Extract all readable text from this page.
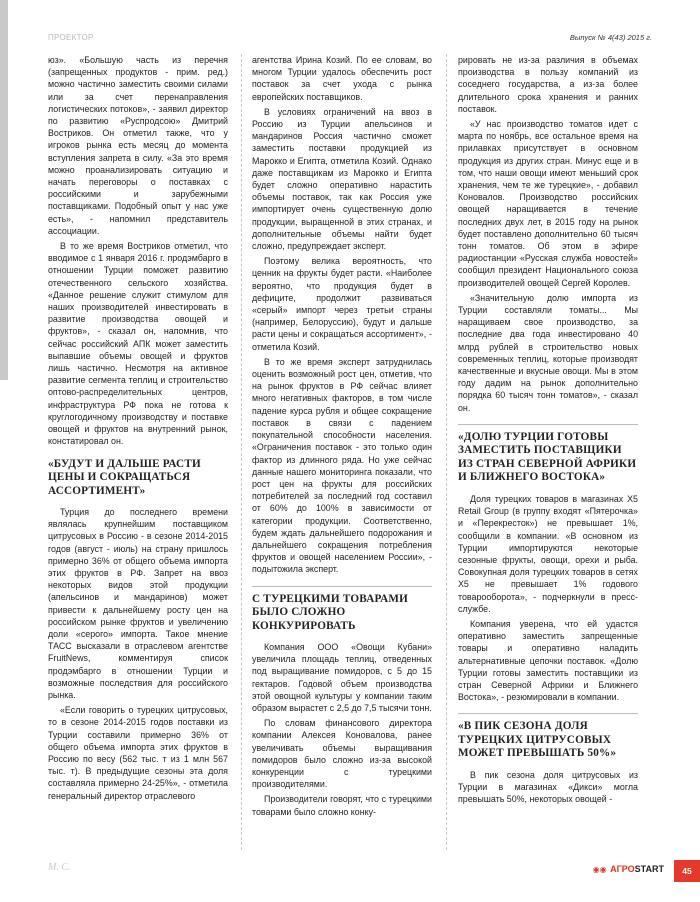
ПРОЕКТОР	Выпуск № 4(43) 2015 г.

юз». «Большую часть из перечня (запрещенных продуктов - прим. ред.) можно частично заместить своими силами или за счет перенаправления логистических потоков», - заявил директор по развитию «Руспродсою» Дмитрий Востриков. Он отметил также, что у игроков рынка есть месяц до момента вступления запрета в силу. «За это время можно проанализировать ситуацию и начать переговоры о поставках с российскими и зарубежными поставщиками. Подобный опыт у нас уже есть», - напомнил представитель ассоциации.

В то же время Востриков отметил, что вводимое с 1 января 2016 г. продэмбарго в отношении Турции поможет развитию отечественного сельского хозяйства. «Данное решение служит стимулом для наших производителей инвестировать в развитие производства овощей и фруктов», - сказал он, напомнив, что сейчас российский АПК может заместить выпавшие объемы овощей и фруктов лишь частично. Несмотря на активное развитие сегмента теплиц и строительство оптово-распределительных центров, инфраструктура РФ пока не готова к круглогодичному производству и поставке овощей и фруктов на внутренний рынок, констатировал он.

«БУДУТ И ДАЛЬШЕ РАСТИ ЦЕНЫ И СОКРАЩАТЬСЯ АССОРТИМЕНТ»

Турция до последнего времени являлась крупнейшим поставщиком цитрусовых в Россию - в сезоне 2014-2015 годов (август - июль) на страну пришлось примерно 36% от общего объема импорта этих фруктов в РФ. Запрет на ввоз некоторых видов этой продукции (апельсинов и мандаринов) может привести к дальнейшему росту цен на российском рынке фруктов и увеличению доли «серого» импорта. Такое мнение ТАСС высказали в отраслевом агентстве FruitNews, комментируя список продэмбарго в отношении Турции и возможные последствия для российского рынка.

«Если говорить о турецких цитрусовых, то в сезоне 2014-2015 годов поставки из Турции составили примерно 36% от общего объема импорта этих фруктов в Россию по весу (562 тыс. т из 1 млн 567 тыс. т). В предыдущие сезоны эта доля составляла примерно 24-25%», - отметила генеральный директор отраслевого

агентства Ирина Козий. По ее словам, во многом Турции удалось обеспечить рост поставок за счет ухода с рынка европейских поставщиков.

В условиях ограничений на ввоз в Россию из Турции апельсинов и мандаринов Россия частично сможет заместить поставки продукцией из Марокко и Египта, отметила Козий. Однако даже поставщикам из Марокко и Египта будет сложно оперативно нарастить объемы поставок, так как Россия уже импортирует очень существенную долю продукции, выращенной в этих странах, и дополнительные объемы найти будет сложно, предупреждает эксперт.

Поэтому велика вероятность, что ценник на фрукты будет расти. «Наиболее вероятно, что продукция будет в дефиците, продолжит развиваться «серый» импорт через третьи страны (например, Белоруссию), будут и дальше расти цены и сокращаться ассортимент», - отметила Козий.

В то же время эксперт затруднилась оценить возможный рост цен, отметив, что на рынок фруктов в РФ сейчас влияет много негативных факторов, в том числе падение курса рубля и общее сокращение поставок в связи с падением покупательной способности населения. «Ограничения поставок - это только один фактор из длинного ряда. Но уже сейчас данные нашего мониторинга показали, что рост цен на фрукты для российских потребителей за последний год составил от 60% до 100% в зависимости от категории продукции. Соответственно, будем ждать дальнейшего подорожания и дальнейшего сокращения потребления фруктов и овощей населением России», - подытожила эксперт.

С ТУРЕЦКИМИ ТОВАРАМИ БЫЛО СЛОЖНО КОНКУРИРОВАТЬ

Компания ООО «Овощи Кубани» увеличила площадь теплиц, отведенных под выращивание помидоров, с 5 до 15 гектаров. Годовой объем производства этой овощной культуры у компании таким образом вырастет с 2,5 до 7,5 тысячи тонн.

По словам финансового директора компании Алексея Коновалова, ранее увеличивать объемы выращивания помидоров было сложно из-за высокой конкуренции с турецкими производителями.

Производители говорят, что с турецкими товарами было сложно конку-

рировать не из-за различия в объемах производства в пользу компаний из соседнего государства, а из-за более длительного срока хранения и ранних поставок.

«У нас производство томатов идет с марта по ноябрь, все остальное время на прилавках присутствует в основном продукция из других стран. Минус еще и в том, что наши овощи имеют меньший срок хранения, чем те же турецкие», - добавил Коновалов. Производство российских овощей наращивается в течение последних двух лет, в 2015 году на рынок будет поставлено дополнительно 60 тысяч тонн томатов. Об этом в эфире радиостанции «Русская служба новостей» сообщил президент Национального союза производителей овощей Сергей Королев.

«Значительную долю импорта из Турции составляли томаты... Мы наращиваем свое производство, за последние два года инвестировано 40 млрд рублей в строительство новых современных теплиц, которые производят качественные и вкусные овощи. Мы в этом году дадим на рынок дополнительно порядка 60 тысяч тонн томатов», - сказал он.

«ДОЛЮ ТУРЦИИ ГОТОВЫ ЗАМЕСТИТЬ ПОСТАВЩИКИ ИЗ СТРАН СЕВЕРНОЙ АФРИКИ И БЛИЖНЕГО ВОСТОКА»

Доля турецких товаров в магазинах X5 Retail Group (в группу входят «Пятерочка» и «Перекресток») не превышает 1%, сообщили в компании. «В основном из Турции импортируются некоторые сезонные фрукты, овощи, орехи и рыба. Совокупная доля турецких товаров в сетях X5 не превышает 1% годового товарооборота», - подчеркнули в пресс-службе.

Компания уверена, что ей удастся оперативно заместить запрещенные товары и оперативно наладить альтернативные цепочки поставок. «Долю Турции готовы заместить поставщики из стран Северной Африки и Ближнего Востока», - резюмировали в компании.

«В ПИК СЕЗОНА ДОЛЯ ТУРЕЦКИХ ЦИТРУСОВЫХ МОЖЕТ ПРЕВЫШАТЬ 50%»

В пик сезона доля цитрусовых из Турции в магазинах «Дикси» могла превышать 50%, некоторых овощей -

M. C.	◉◉ АГРОSTART	45
